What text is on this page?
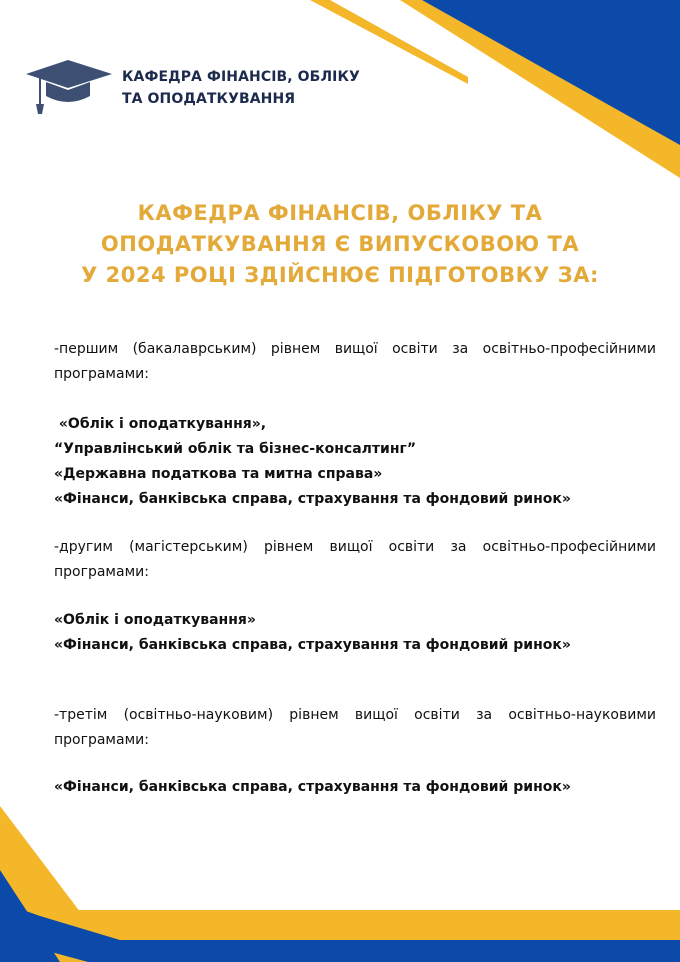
КАФЕДРА ФІНАНСІВ, ОБЛІКУ
ТА ОПОДАТКУВАННЯ
КАФЕДРА ФІНАНСІВ, ОБЛІКУ ТА
ОПОДАТКУВАННЯ Є ВИПУСКОВОЮ ТА
У 2024 РОЦІ ЗДІЙСНЮЄ ПІДГОТОВКУ ЗА:

-першим (бакалаврським) рівнем вищої освіти за освітньо-професійними програмами:

«Облік і оподаткування»,
“Управлінський облік та бізнес-консалтинг”
«Державна податкова та митна справа»
«Фінанси, банківська справа, страхування та фондовий ринок»

-другим (магістерським) рівнем вищої освіти за освітньо-професійними програмами:

«Облік і оподаткування»
«Фінанси, банківська справа, страхування та фондовий ринок»

-третім (освітньо-науковим) рівнем вищої освіти за освітньо-науковими програмами:

«Фінанси, банківська справа, страхування та фондовий ринок»
